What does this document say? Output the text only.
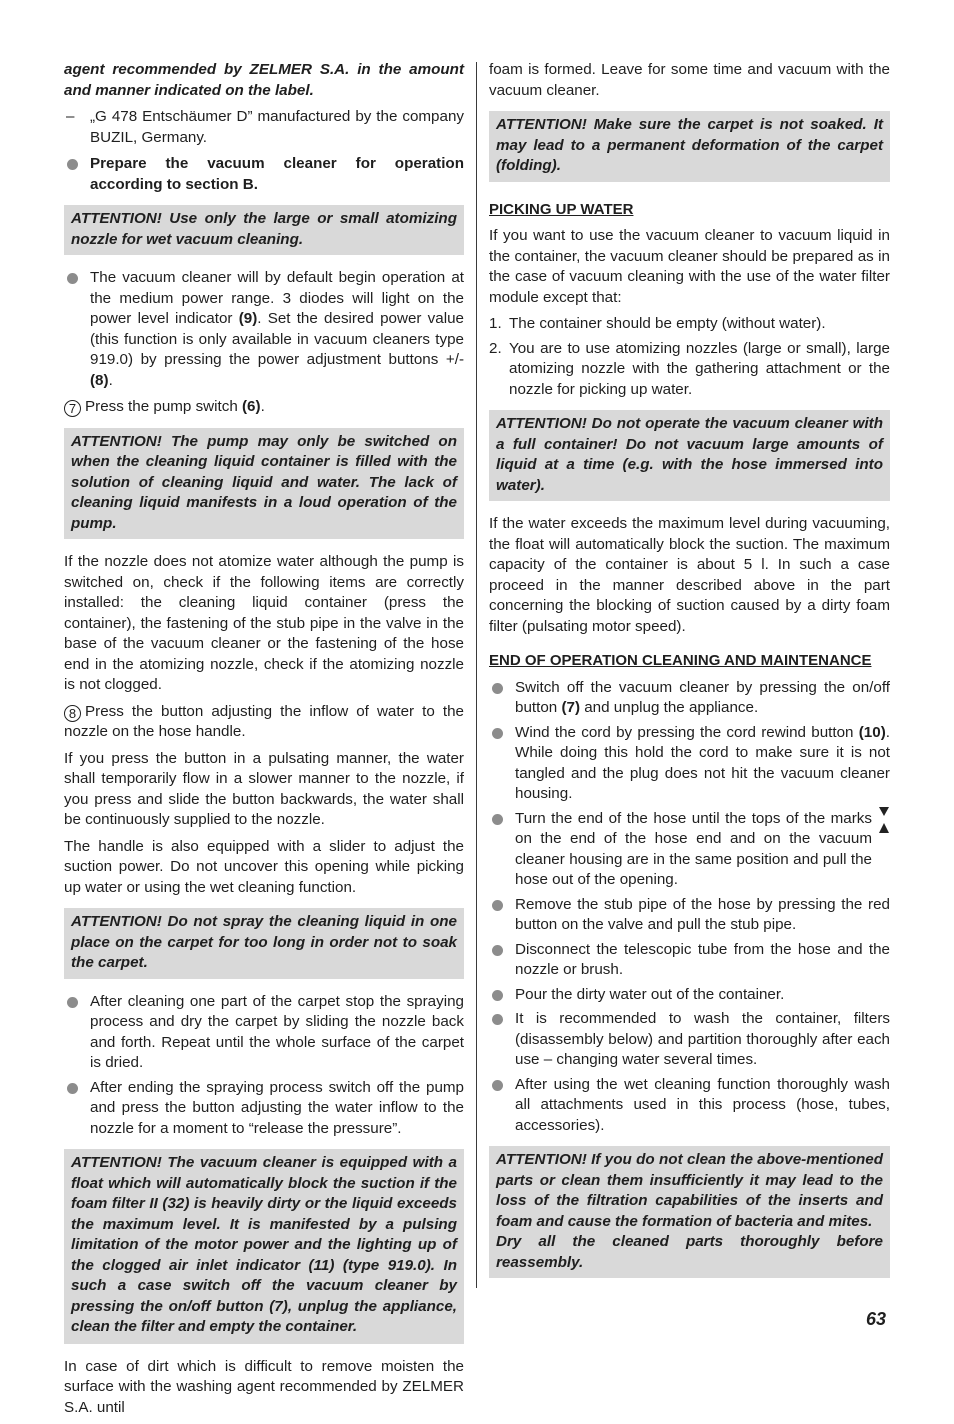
agent recommended by ZELMER S.A. in the amount and manner indicated on the label.

– „G 478 Entschäumer D” manufactured by the company BUZIL, Germany.
Prepare the vacuum cleaner for operation according to section B.
ATTENTION! Use only the large or small atomizing nozzle for wet vacuum cleaning.
The vacuum cleaner will by default begin operation at the medium power range. 3 diodes will light on the power level indicator (9). Set the desired power value (this function is only available in vacuum cleaners type 919.0) by pressing the power adjustment buttons +/- (8).

7 Press the pump switch (6).

ATTENTION! The pump may only be switched on when the cleaning liquid container is filled with the solution of cleaning liquid and water. The lack of cleaning liquid manifests in a loud operation of the pump.

If the nozzle does not atomize water although the pump is switched on, check if the following items are correctly installed: the cleaning liquid container (press the container), the fastening of the stub pipe in the valve in the base of the vacuum cleaner or the fastening of the hose end in the atomizing nozzle, check if the atomizing nozzle is not clogged.

8 Press the button adjusting the inflow of water to the nozzle on the hose handle.

If you press the button in a pulsating manner, the water shall temporarily flow in a slower manner to the nozzle, if you press and slide the button backwards, the water shall be continuously supplied to the nozzle.

The handle is also equipped with a slider to adjust the suction power. Do not uncover this opening while picking up water or using the wet cleaning function.

ATTENTION! Do not spray the cleaning liquid in one place on the carpet for too long in order not to soak the carpet.
After cleaning one part of the carpet stop the spraying process and dry the carpet by sliding the nozzle back and forth. Repeat until the whole surface of the carpet is dried.
After ending the spraying process switch off the pump and press the button adjusting the water inflow to the nozzle for a moment to “release the pressure”.
ATTENTION! The vacuum cleaner is equipped with a float which will automatically block the suction if the foam filter II (32) is heavily dirty or the liquid exceeds the maximum level. It is manifested by a pulsing limitation of the motor power and the lighting up of the clogged air inlet indicator (11) (type 919.0). In such a case switch off the vacuum cleaner by pressing the on/off button (7), unplug the appliance, clean the filter and empty the container.

In case of dirt which is difficult to remove moisten the surface with the washing agent recommended by ZELMER S.A. until

foam is formed. Leave for some time and vacuum with the vacuum cleaner.

ATTENTION! Make sure the carpet is not soaked. It may lead to a permanent deformation of the carpet (folding).
PICKING UP WATER

If you want to use the vacuum cleaner to vacuum liquid in the container, the vacuum cleaner should be prepared as in the case of vacuum cleaning with the use of the water filter module except that:

1. The container should be empty (without water).
2. You are to use atomizing nozzles (large or small), large atomizing nozzle with the gathering attachment or the nozzle for picking up water.
ATTENTION! Do not operate the vacuum cleaner with a full container! Do not vacuum large amounts of liquid at a time (e.g. with the hose immersed into water).

If the water exceeds the maximum level during vacuuming, the float will automatically block the suction. The maximum capacity of the container is about 5 l. In such a case proceed in the manner described above in the part concerning the blocking of suction caused by a dirty foam filter (pulsating motor speed).

END OF OPERATION CLEANING AND MAINTENANCE
Switch off the vacuum cleaner by pressing the on/off button (7) and unplug the appliance.
Wind the cord by pressing the cord rewind button (10). While doing this hold the cord to make sure it is not tangled and the plug does not hit the vacuum cleaner housing.
Turn the end of the hose until the tops of the marks on the end of the hose end and on the vacuum cleaner housing are in the same position and pull the hose out of the opening.
Remove the stub pipe of the hose by pressing the red button on the valve and pull the stub pipe.
Disconnect the telescopic tube from the hose and the nozzle or brush.
Pour the dirty water out of the container.
It is recommended to wash the container, filters (disassembly below) and partition thoroughly after each use – changing water several times.
After using the wet cleaning function thoroughly wash all attachments used in this process (hose, tubes, accessories).
ATTENTION! If you do not clean the above-mentioned parts or clean them insufficiently it may lead to the loss of the filtration capabilities of the inserts and foam and cause the formation of bacteria and mites.
Dry all the cleaned parts thoroughly before reassembly.
63
